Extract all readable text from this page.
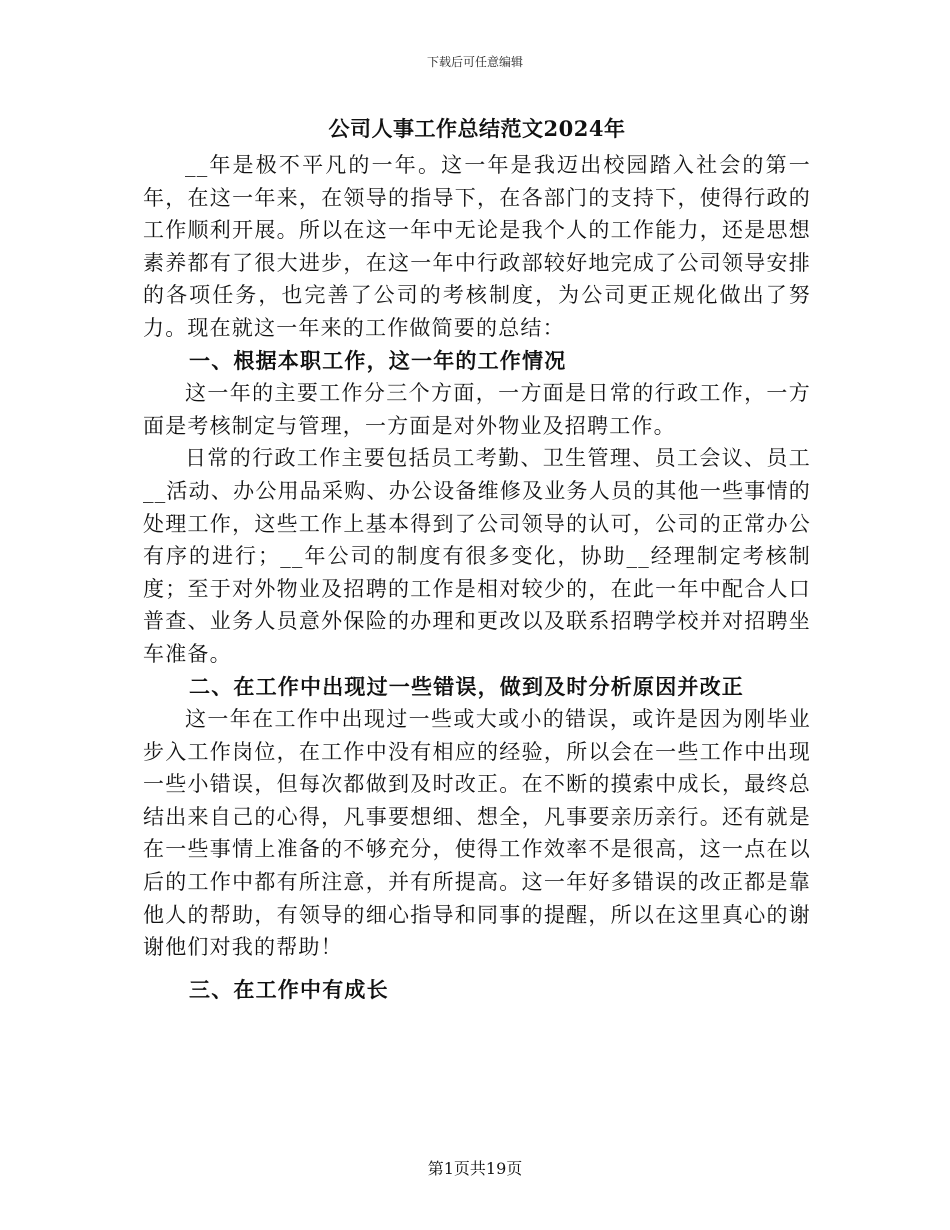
下载后可任意编辑
公司人事工作总结范文2024年

__年是极不平凡的一年。这一年是我迈出校园踏入社会的第一年，在这一年来，在领导的指导下，在各部门的支持下，使得行政的工作顺利开展。所以在这一年中无论是我个人的工作能力，还是思想素养都有了很大进步，在这一年中行政部较好地完成了公司领导安排的各项任务，也完善了公司的考核制度，为公司更正规化做出了努力。现在就这一年来的工作做简要的总结：

一、根据本职工作，这一年的工作情况

这一年的主要工作分三个方面，一方面是日常的行政工作，一方面是考核制定与管理，一方面是对外物业及招聘工作。

日常的行政工作主要包括员工考勤、卫生管理、员工会议、员工__活动、办公用品采购、办公设备维修及业务人员的其他一些事情的处理工作，这些工作上基本得到了公司领导的认可，公司的正常办公有序的进行；__年公司的制度有很多变化，协助__经理制定考核制度；至于对外物业及招聘的工作是相对较少的，在此一年中配合人口普查、业务人员意外保险的办理和更改以及联系招聘学校并对招聘坐车准备。

二、在工作中出现过一些错误，做到及时分析原因并改正

这一年在工作中出现过一些或大或小的错误，或许是因为刚毕业步入工作岗位，在工作中没有相应的经验，所以会在一些工作中出现一些小错误，但每次都做到及时改正。在不断的摸索中成长，最终总结出来自己的心得，凡事要想细、想全，凡事要亲历亲行。还有就是在一些事情上准备的不够充分，使得工作效率不是很高，这一点在以后的工作中都有所注意，并有所提高。这一年好多错误的改正都是靠他人的帮助，有领导的细心指导和同事的提醒，所以在这里真心的谢谢他们对我的帮助！

三、在工作中有成长
第1页共19页
